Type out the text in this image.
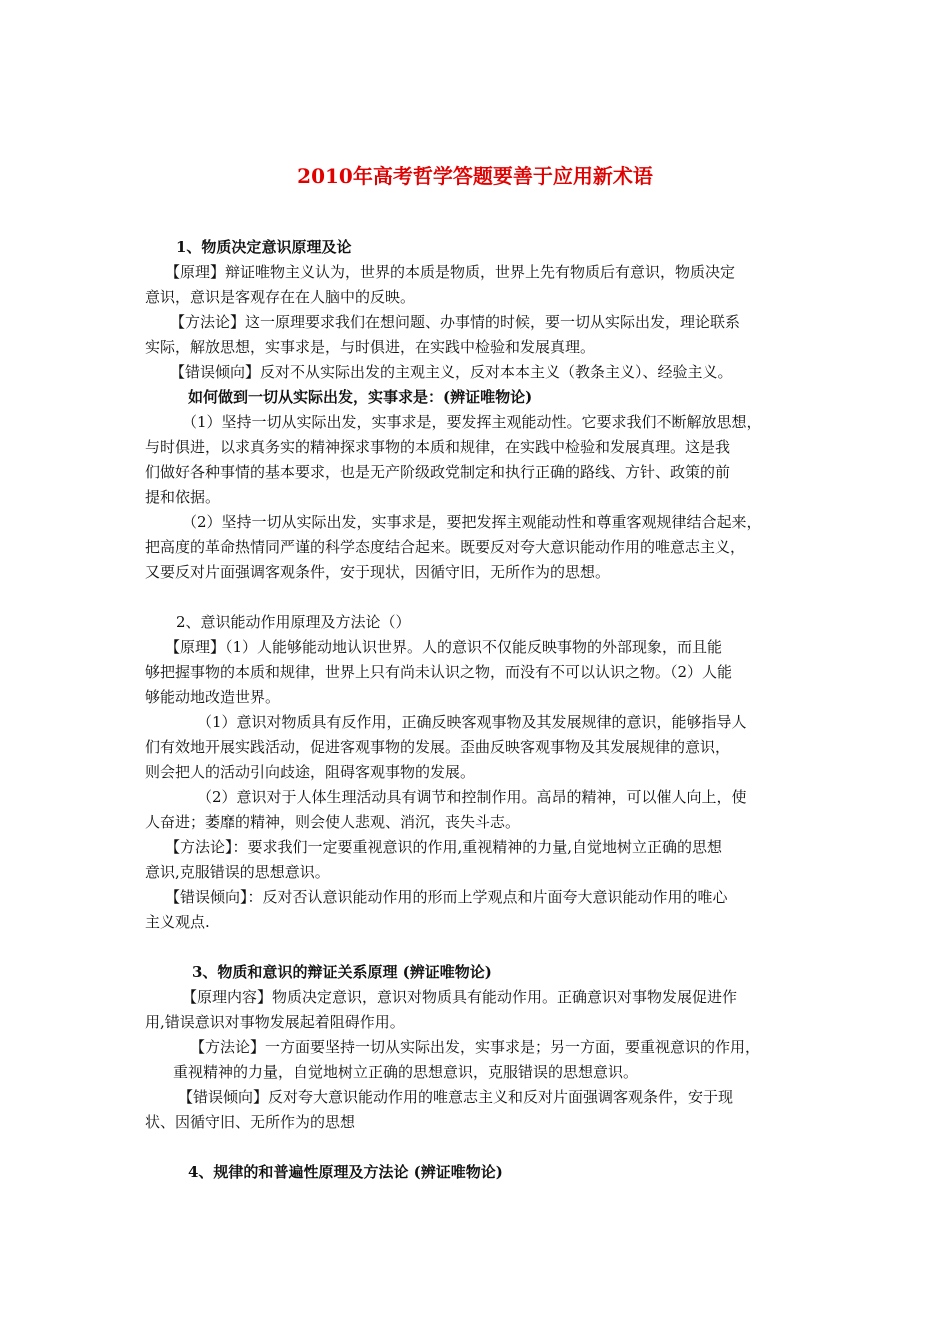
2010年高考哲学答题要善于应用新术语
1、物质决定意识原理及论
【原理】辩证唯物主义认为，世界的本质是物质，世界上先有物质后有意识，物质决定
意识，意识是客观存在在人脑中的反映。
【方法论】这一原理要求我们在想问题、办事情的时候，要一切从实际出发，理论联系
实际，解放思想，实事求是，与时俱进，在实践中检验和发展真理。
【错误倾向】反对不从实际出发的主观主义，反对本本主义（教条主义）、经验主义。
如何做到一切从实际出发，实事求是：(辨证唯物论)
（1）坚持一切从实际出发，实事求是，要发挥主观能动性。它要求我们不断解放思想，
与时俱进，以求真务实的精神探求事物的本质和规律，在实践中检验和发展真理。这是我
们做好各种事情的基本要求，也是无产阶级政党制定和执行正确的路线、方针、政策的前
提和依据。
（2）坚持一切从实际出发，实事求是，要把发挥主观能动性和尊重客观规律结合起来，
把高度的革命热情同严谨的科学态度结合起来。既要反对夸大意识能动作用的唯意志主义，
又要反对片面强调客观条件，安于现状，因循守旧，无所作为的思想。
2、意识能动作用原理及方法论（）
【原理】（1）人能够能动地认识世界。人的意识不仅能反映事物的外部现象，而且能
够把握事物的本质和规律，世界上只有尚未认识之物，而没有不可以认识之物。（2）人能
够能动地改造世界。
（1）意识对物质具有反作用，正确反映客观事物及其发展规律的意识，能够指导人
们有效地开展实践活动，促进客观事物的发展。歪曲反映客观事物及其发展规律的意识，
则会把人的活动引向歧途，阻碍客观事物的发展。
（2）意识对于人体生理活动具有调节和控制作用。高昂的精神，可以催人向上，使
人奋进；萎靡的精神，则会使人悲观、消沉，丧失斗志。
【方法论】：要求我们一定要重视意识的作用,重视精神的力量,自觉地树立正确的思想
意识,克服错误的思想意识。
【错误倾向】：反对否认意识能动作用的形而上学观点和片面夸大意识能动作用的唯心
主义观点.
3、物质和意识的辩证关系原理 (辨证唯物论)
【原理内容】物质决定意识，意识对物质具有能动作用。正确意识对事物发展促进作
用,错误意识对事物发展起着阻碍作用。
【方法论】一方面要坚持一切从实际出发，实事求是；另一方面，要重视意识的作用，
重视精神的力量，自觉地树立正确的思想意识，克服错误的思想意识。
【错误倾向】反对夸大意识能动作用的唯意志主义和反对片面强调客观条件，安于现
状、因循守旧、无所作为的思想
4、规律的和普遍性原理及方法论 (辨证唯物论)
